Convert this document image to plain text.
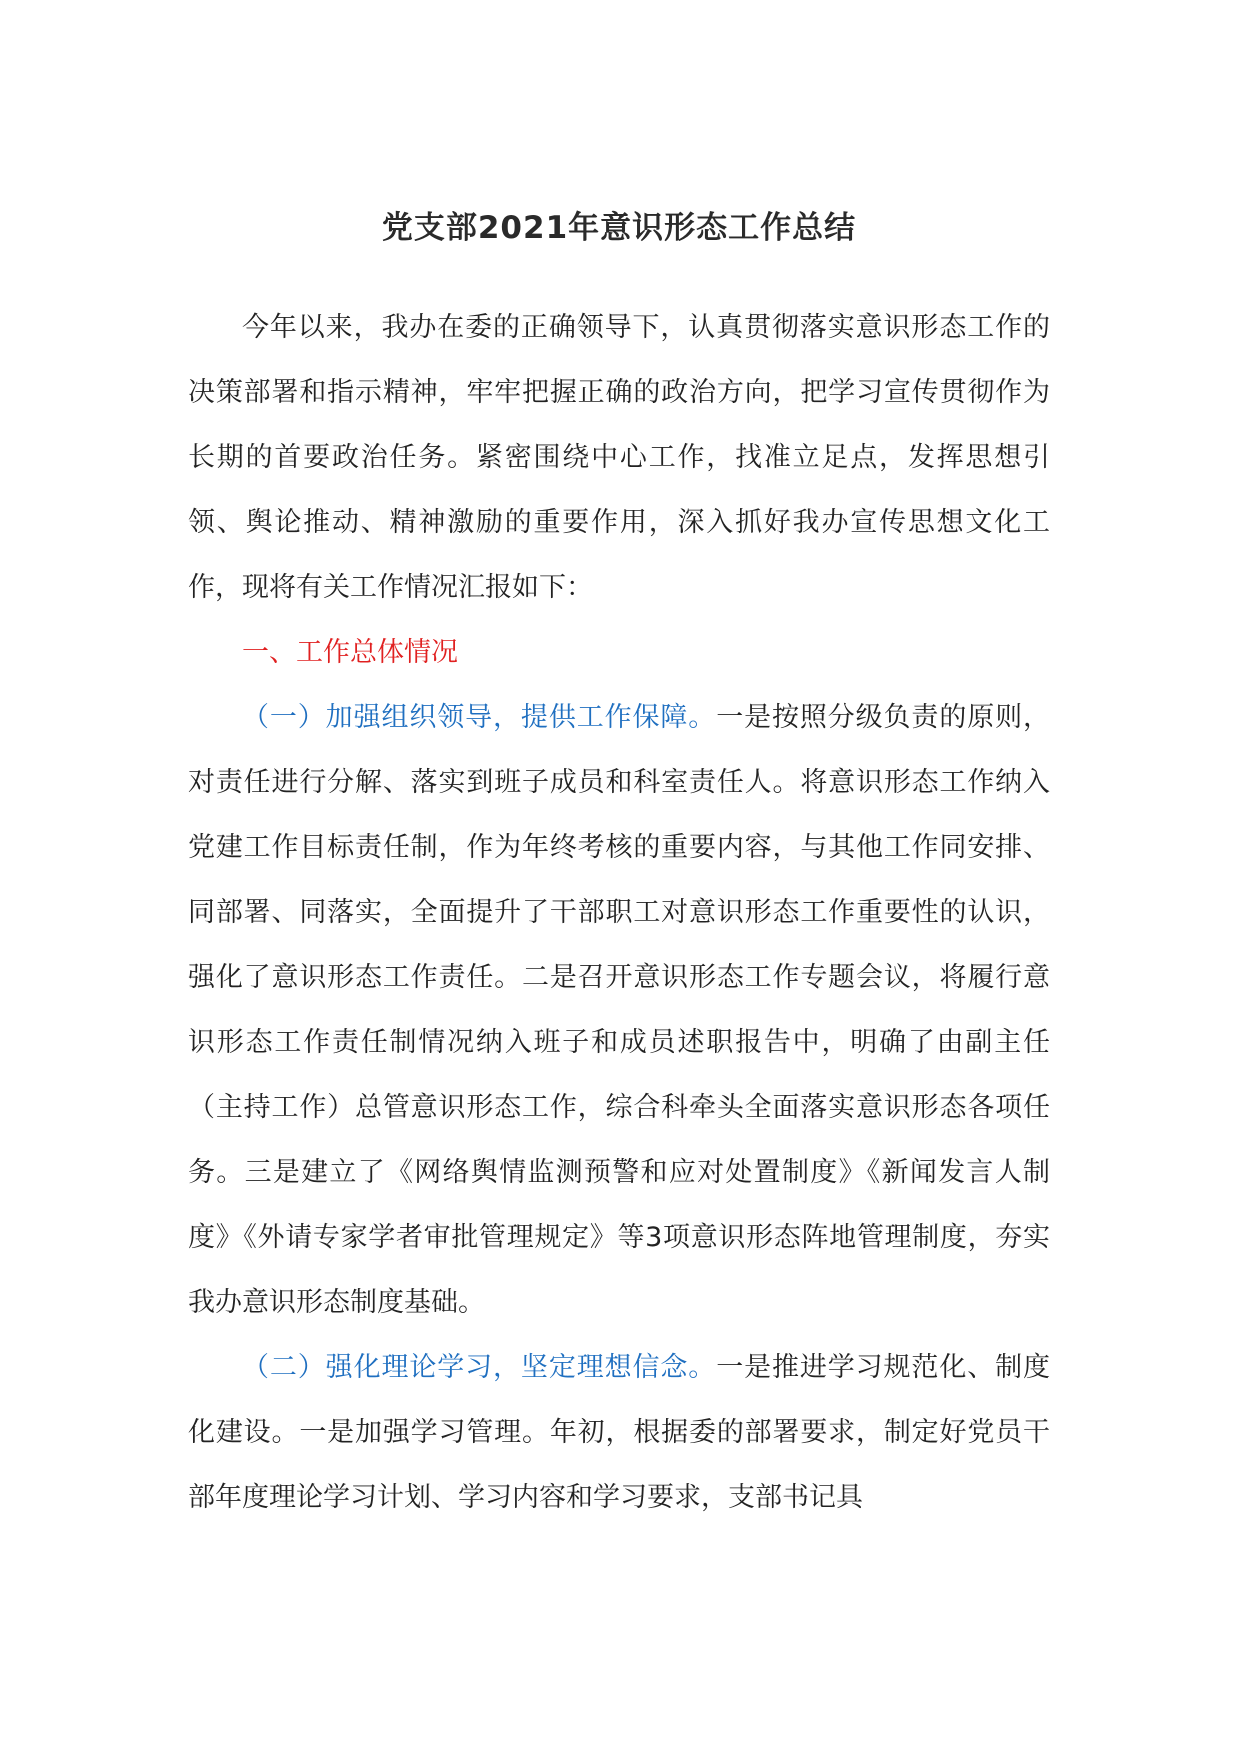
党支部2021年意识形态工作总结

今年以来，我办在委的正确领导下，认真贯彻落实意识形态工作的决策部署和指示精神，牢牢把握正确的政治方向，把学习宣传贯彻作为长期的首要政治任务。紧密围绕中心工作，找准立足点，发挥思想引领、舆论推动、精神激励的重要作用，深入抓好我办宣传思想文化工作，现将有关工作情况汇报如下：

一、工作总体情况

（一）加强组织领导，提供工作保障。一是按照分级负责的原则，对责任进行分解、落实到班子成员和科室责任人。将意识形态工作纳入党建工作目标责任制，作为年终考核的重要内容，与其他工作同安排、同部署、同落实，全面提升了干部职工对意识形态工作重要性的认识，强化了意识形态工作责任。二是召开意识形态工作专题会议，将履行意识形态工作责任制情况纳入班子和成员述职报告中，明确了由副主任（主持工作）总管意识形态工作，综合科牵头全面落实意识形态各项任务。三是建立了《网络舆情监测预警和应对处置制度》《新闻发言人制度》《外请专家学者审批管理规定》等3项意识形态阵地管理制度，夯实我办意识形态制度基础。

（二）强化理论学习，坚定理想信念。一是推进学习规范化、制度化建设。一是加强学习管理。年初，根据委的部署要求，制定好党员干部年度理论学习计划、学习内容和学习要求，支部书记具
